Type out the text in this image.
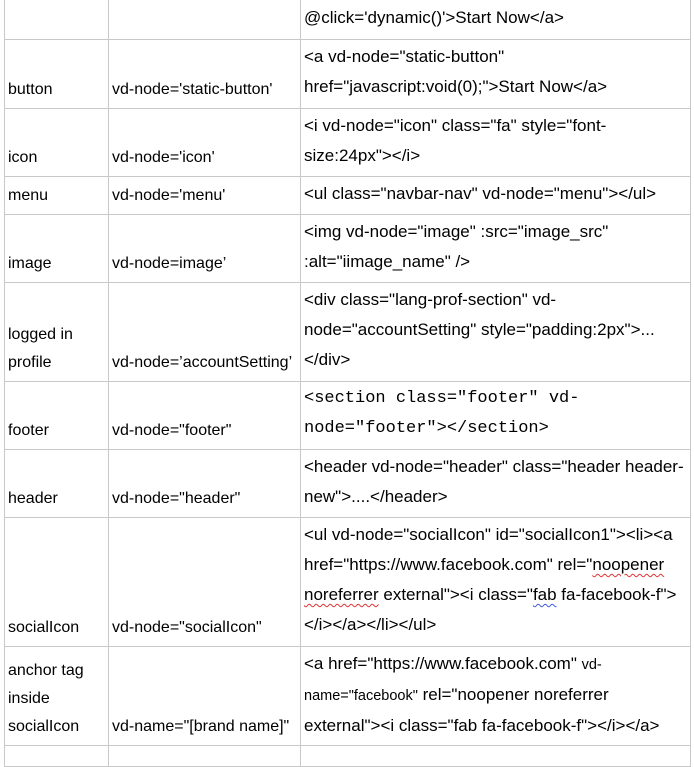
		@click='dynamic()'>Start Now</a>

button	vd-node='static-button'	<a vd-node="static-button" href="javascript:void(0);">Start Now</a>

icon	vd-node='icon'	<i vd-node="icon" class="fa" style="font-size:24px"></i>

menu	vd-node='menu'	<ul class="navbar-nav" vd-node="menu"></ul>

image	vd-node=image’	<img vd-node="image" :src="image_src" :alt="iimage_name" />

logged in profile	vd-node=’accountSetting’	<div class="lang-prof-section" vd-node="accountSetting" style="padding:2px">...</div>

footer	vd-node="footer"	<section class="footer" vd-node="footer"></section>

header	vd-node="header"	<header vd-node="header" class="header header-new">....</header>

socialIcon	vd-node="socialIcon"	<ul vd-node="socialIcon" id="socialIcon1"><li><a href="https://www.facebook.com" rel="noopener noreferrer external"><i class="fab fa-facebook-f"></i></a></li></ul>

anchor tag inside socialIcon	vd-name="[brand name]"	<a href="https://www.facebook.com" vd-name="facebook" rel="noopener noreferrer external"><i class="fab fa-facebook-f"></i></a>
